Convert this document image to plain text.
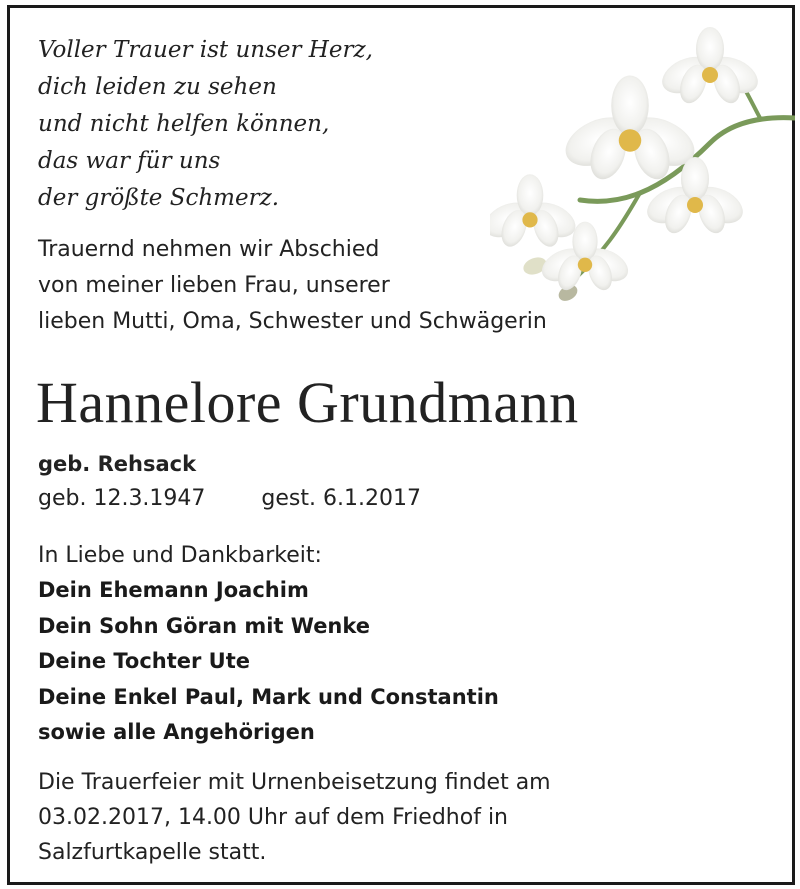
Voller Trauer ist unser Herz,
dich leiden zu sehen
und nicht helfen können,
das war für uns
der größte Schmerz.
Trauernd nehmen wir Abschied
von meiner lieben Frau, unserer
lieben Mutti, Oma, Schwester und Schwägerin
Hannelore Grundmann
geb. Rehsack
geb. 12.3.1947	gest. 6.1.2017
In Liebe und Dankbarkeit:
Dein Ehemann Joachim
Dein Sohn Göran mit Wenke
Deine Tochter Ute
Deine Enkel Paul, Mark und Constantin
sowie alle Angehörigen
Die Trauerfeier mit Urnenbeisetzung findet am
03.02.2017, 14.00 Uhr auf dem Friedhof in
Salzfurtkapelle statt.
